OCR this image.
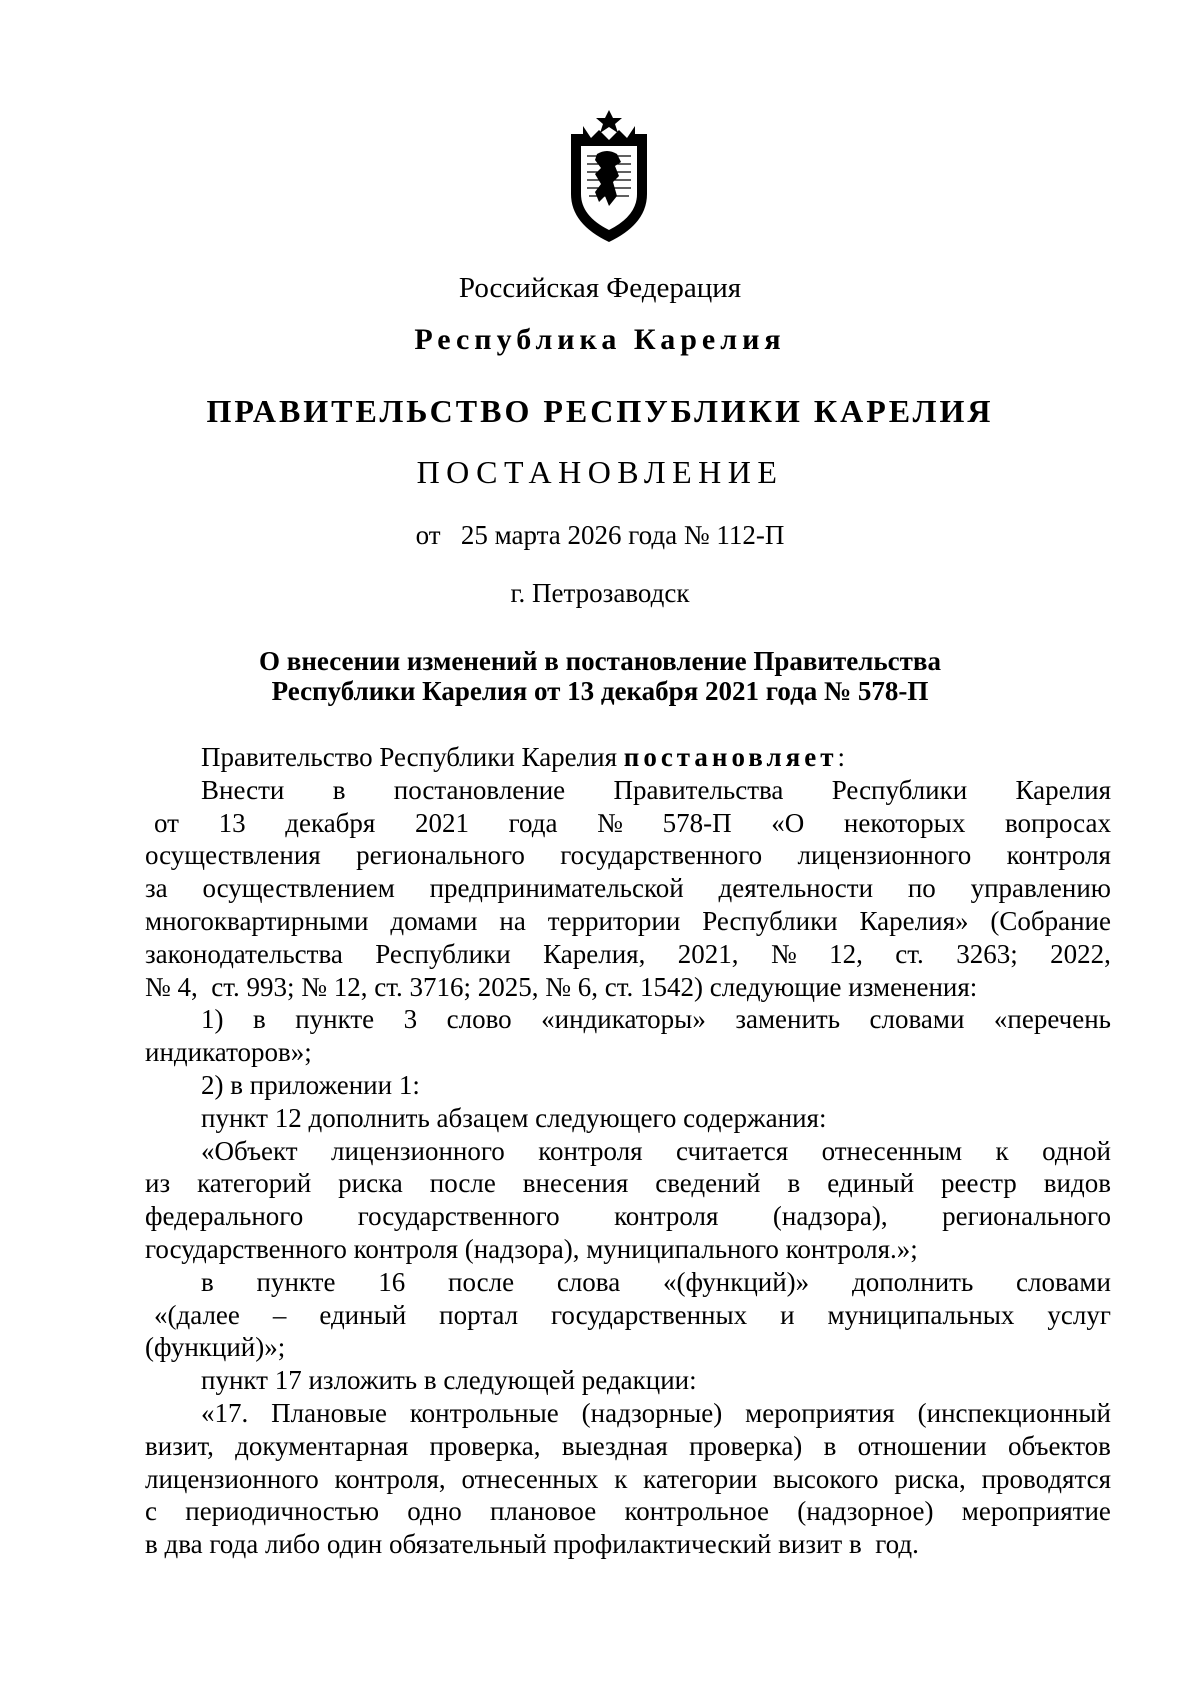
Российская Федерация
Республика Карелия
ПРАВИТЕЛЬСТВО РЕСПУБЛИКИ КАРЕЛИЯ
ПОСТАНОВЛЕНИЕ
от   25 марта 2026 года № 112-П
г. Петрозаводск
О внесении изменений в постановление Правительства
Республики Карелия от 13 декабря 2021 года № 578-П
Правительство Республики Карелия постановляет:
Внести в постановление Правительства Республики Карелия
от 13 декабря 2021 года № 578-П «О некоторых вопросах
осуществления регионального государственного лицензионного контроля
за осуществлением предпринимательской деятельности по управлению
многоквартирными домами на территории Республики Карелия» (Собрание
законодательства Республики Карелия, 2021, № 12, ст. 3263; 2022,
№ 4,  ст. 993; № 12, ст. 3716; 2025, № 6, ст. 1542) следующие изменения:
1) в пункте 3 слово «индикаторы» заменить словами «перечень
индикаторов»;
2) в приложении 1:
пункт 12 дополнить абзацем следующего содержания:
«Объект лицензионного контроля считается отнесенным к одной
из категорий риска после внесения сведений в единый реестр видов
федерального государственного контроля (надзора), регионального
государственного контроля (надзора), муниципального контроля.»;
в пункте 16 после слова «(функций)» дополнить словами
«(далее – единый портал государственных и муниципальных услуг
(функций)»;
пункт 17 изложить в следующей редакции:
«17. Плановые контрольные (надзорные) мероприятия (инспекционный
визит, документарная проверка, выездная проверка) в отношении объектов
лицензионного контроля, отнесенных к категории высокого риска, проводятся
с периодичностью одно плановое контрольное (надзорное) мероприятие
в два года либо один обязательный профилактический визит в  год.
